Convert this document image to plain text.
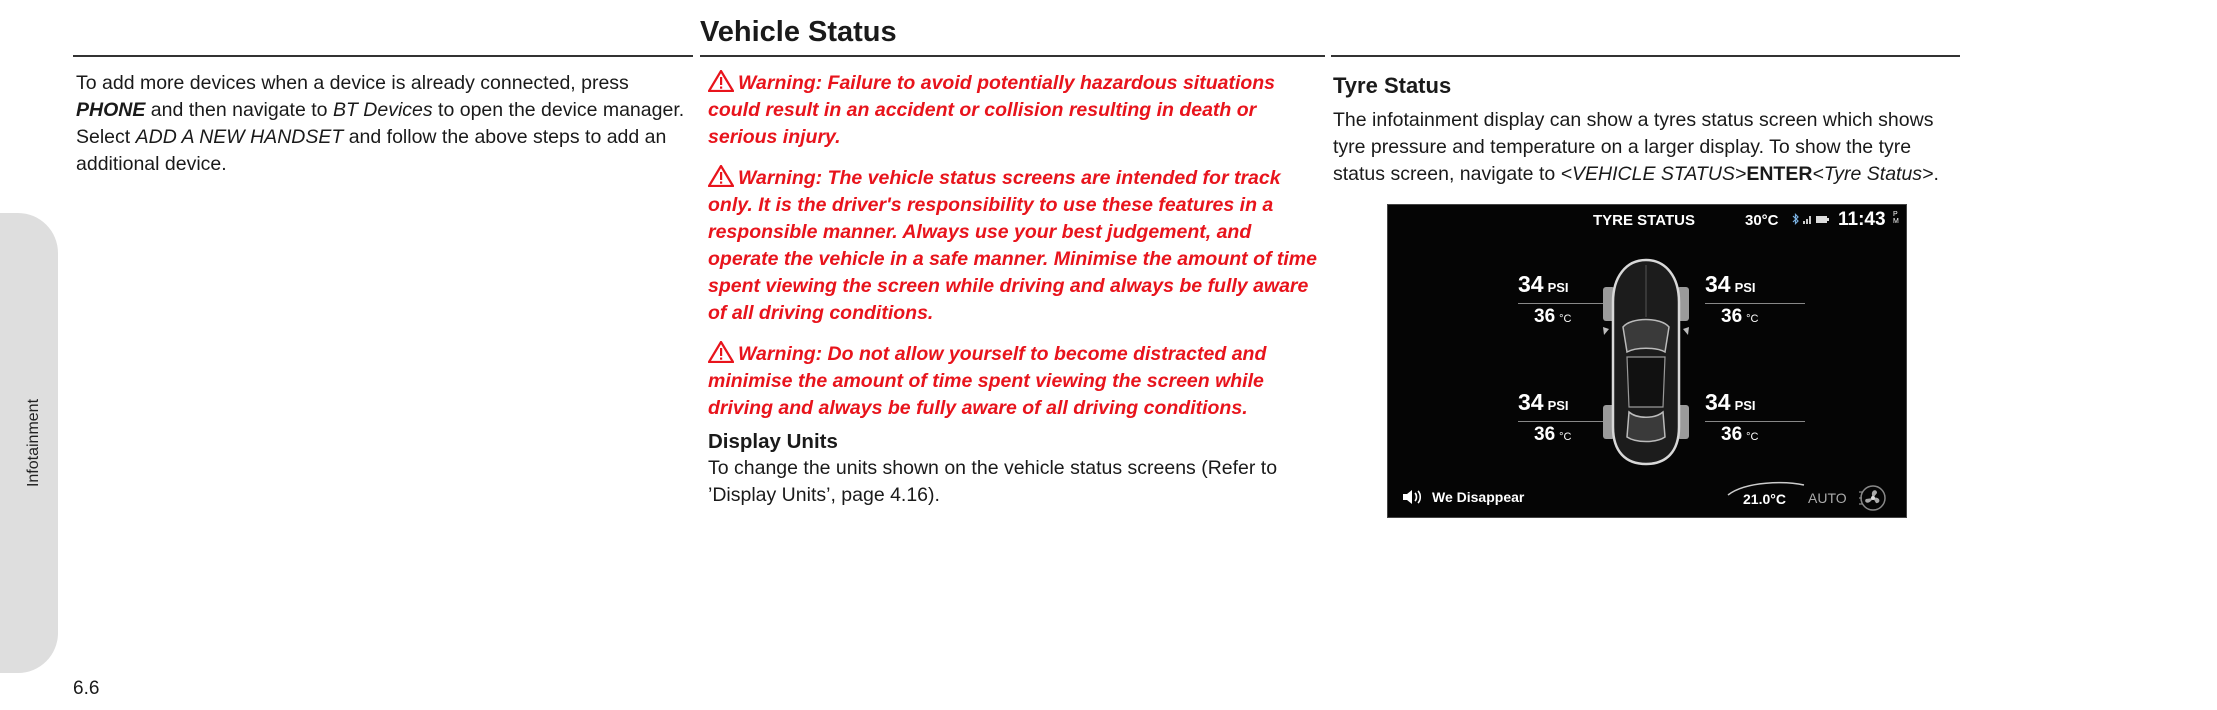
Infotainment
Vehicle Status

To add more devices when a device is already connected, press PHONE and then navigate to BT Devices to open the device manager. Select ADD A NEW HANDSET and follow the above steps to add an additional device.

Warning: Failure to avoid potentially hazardous situations could result in an accident or collision resulting in death or serious injury.

Warning: The vehicle status screens are intended for track only. It is the driver's responsibility to use these features in a responsible manner. Always use your best judgement, and operate the vehicle in a safe manner. Minimise the amount of time spent viewing the screen while driving and always be fully aware of all driving conditions.

Warning: Do not allow yourself to become distracted and minimise the amount of time spent viewing the screen while driving and always be fully aware of all driving conditions.

Display Units

To change the units shown on the vehicle status screens (Refer to ’Display Units’, page 4.16).

Tyre Status

The infotainment display can show a tyres status screen which shows tyre pressure and temperature on a larger display. To show the tyre status screen, navigate to <VEHICLE STATUS>ENTER<Tyre Status>.

TYRE STATUS	30°C	11:43 P
M
34 PSI
36 °C
34 PSI
36 °C
34 PSI
36 °C
34 PSI
36 °C
We Disappear	21.0°C AUTO
6.6
